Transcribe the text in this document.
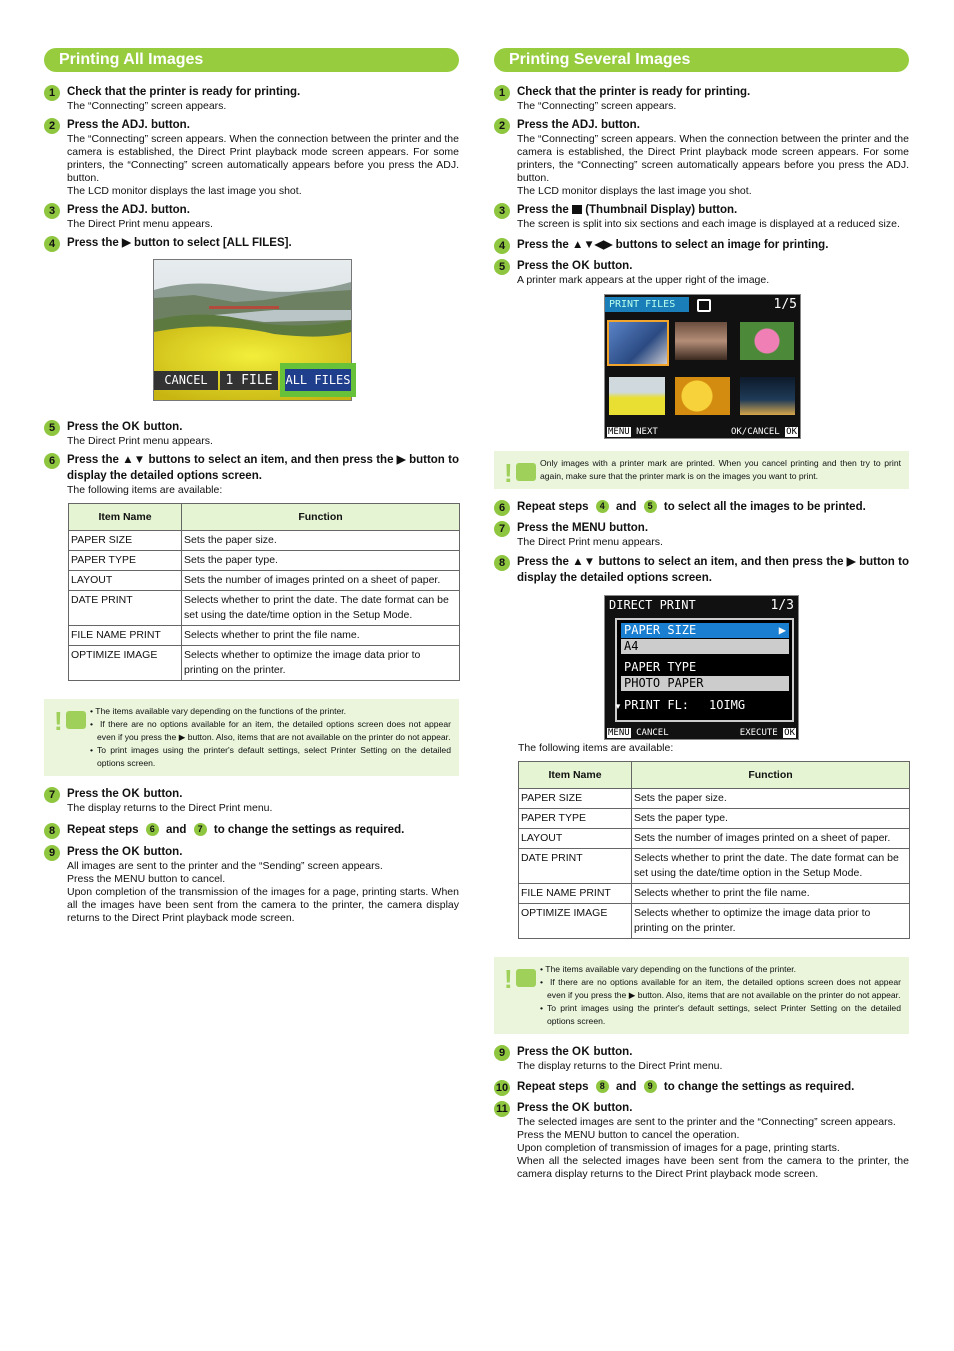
Printing All Images
1	Check that the printer is ready for printing.
The “Connecting” screen appears.
2	Press the ADJ. button.
The “Connecting” screen appears. When the connection between the printer and the camera is established, the Direct Print playback mode screen appears. For some printers, the “Connecting” screen automatically appears before you press the ADJ. button.
The LCD monitor displays the last image you shot.
3	Press the ADJ. button.
The Direct Print menu appears.
4	Press the ▶ button to select [ALL FILES].
CANCEL	1 FILE	ALL FILES
5	Press the OK button.
The Direct Print menu appears.
6	Press the ▲▼ buttons to select an item, and then press the ▶ button to display the detailed options screen.
The following items are available:
Item Name	Function
PAPER SIZE	Sets the paper size.
PAPER TYPE	Sets the paper type.
LAYOUT	Sets the number of images printed on a sheet of paper.
DATE PRINT	Selects whether to print the date. The date format can be set using the date/time option in the Setup Mode.
FILE NAME PRINT	Selects whether to print the file name.
OPTIMIZE IMAGE	Selects whether to optimize the image data prior to printing on the printer.
!	• The items available vary depending on the functions of the printer.
•  If there are no options available for an item, the detailed options screen does not appear even if you press the ▶ button. Also, items that are not available on the printer do not appear.
• To print images using the printer's default settings, select Printer Setting on the detailed options screen.
7	Press the OK button.
The display returns to the Direct Print menu.
8	Repeat steps 6 and 7 to change the settings as required.
9	Press the OK button.
All images are sent to the printer and the “Sending” screen appears.
Press the MENU button to cancel.
Upon completion of the transmission of the images for a page, printing starts. When all the images have been sent from the camera to the printer, the camera display returns to the Direct Print playback mode screen.
Printing Several Images
1	Check that the printer is ready for printing.
The “Connecting” screen appears.
2	Press the ADJ. button.
The “Connecting” screen appears. When the connection between the printer and the camera is established, the Direct Print playback mode screen appears. For some printers, the “Connecting” screen automatically appears before you press the ADJ. button.
The LCD monitor displays the last image you shot.
3	Press the (Thumbnail Display) button.
The screen is split into six sections and each image is displayed at a reduced size.
4	Press the ▲▼◀▶ buttons to select an image for printing.
5	Press the OK button.
A printer mark appears at the upper right of the image.
PRINT FILES	1/5
MENU NEXT	OK/CANCEL OK
!	Only images with a printer mark are printed. When you cancel printing and then try to print again, make sure that the printer mark is on the images you want to print.
6	Repeat steps 4 and 5 to select all the images to be printed.
7	Press the MENU button.
The Direct Print menu appears.
8	Press the ▲▼ buttons to select an item, and then press the ▶ button to display the detailed options screen.
DIRECT PRINT	1/3
PAPER SIZE	▶
A4
PAPER TYPE
PHOTO PAPER
▼ PRINT FL: 1OIMG
MENU CANCEL	EXECUTE OK
The following items are available:
Item Name	Function
PAPER SIZE	Sets the paper size.
PAPER TYPE	Sets the paper type.
LAYOUT	Sets the number of images printed on a sheet of paper.
DATE PRINT	Selects whether to print the date. The date format can be set using the date/time option in the Setup Mode.
FILE NAME PRINT	Selects whether to print the file name.
OPTIMIZE IMAGE	Selects whether to optimize the image data prior to printing on the printer.
!	• The items available vary depending on the functions of the printer.
•  If there are no options available for an item, the detailed options screen does not appear even if you press the ▶ button. Also, items that are not available on the printer do not appear.
• To print images using the printer's default settings, select Printer Setting on the detailed options screen.
9	Press the OK button.
The display returns to the Direct Print menu.
10 Repeat steps 8 and 9 to change the settings as required.
11 Press the OK button.
The selected images are sent to the printer and the “Connecting” screen appears.
Press the MENU button to cancel the operation.
Upon completion of transmission of images for a page, printing starts.
When all the selected images have been sent from the camera to the printer, the camera display returns to the Direct Print playback mode screen.
